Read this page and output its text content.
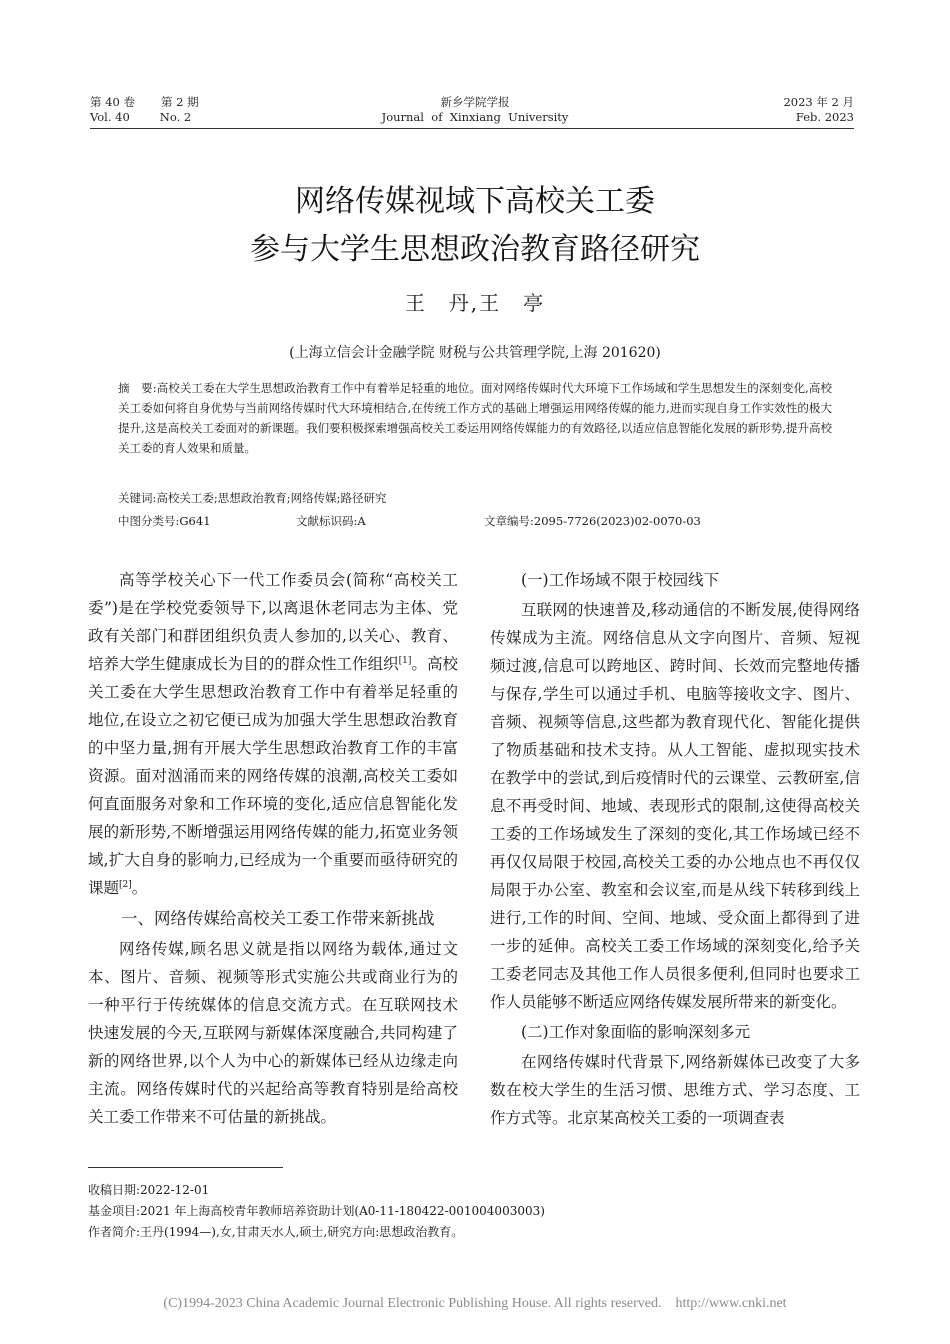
第 40 卷 第 2 期
Vol. 40	No. 2
新乡学院学报
Journal  of  Xinxiang  University
2023 年 2 月
Feb. 2023
网络传媒视域下高校关工委
参与大学生思想政治教育路径研究
王　丹,王　亭
(上海立信会计金融学院 财税与公共管理学院,上海 201620)
摘　要:高校关工委在大学生思想政治教育工作中有着举足轻重的地位。面对网络传媒时代大环境下工作场域和学生思想发生的深刻变化,高校关工委如何将自身优势与当前网络传媒时代大环境相结合,在传统工作方式的基础上增强运用网络传媒的能力,进而实现自身工作实效性的极大提升,这是高校关工委面对的新课题。我们要积极探索增强高校关工委运用网络传媒能力的有效路径,以适应信息智能化发展的新形势,提升高校关工委的育人效果和质量。
关键词:高校关工委;思想政治教育;网络传媒;路径研究
中图分类号:G641	文献标识码:A	文章编号:2095-7726(2023)02-0070-03

高等学校关心下一代工作委员会(简称“高校关工委”)是在学校党委领导下,以离退休老同志为主体、党政有关部门和群团组织负责人参加的,以关心、教育、培养大学生健康成长为目的的群众性工作组织[1]。高校关工委在大学生思想政治教育工作中有着举足轻重的地位,在设立之初它便已成为加强大学生思想政治教育的中坚力量,拥有开展大学生思想政治教育工作的丰富资源。面对汹涌而来的网络传媒的浪潮,高校关工委如何直面服务对象和工作环境的变化,适应信息智能化发展的新形势,不断增强运用网络传媒的能力,拓宽业务领域,扩大自身的影响力,已经成为一个重要而亟待研究的课题[2]。

一、网络传媒给高校关工委工作带来新挑战

网络传媒,顾名思义就是指以网络为载体,通过文本、图片、音频、视频等形式实施公共或商业行为的一种平行于传统媒体的信息交流方式。在互联网技术快速发展的今天,互联网与新媒体深度融合,共同构建了新的网络世界,以个人为中心的新媒体已经从边缘走向主流。网络传媒时代的兴起给高等教育特别是给高校关工委工作带来不可估量的新挑战。

(一)工作场域不限于校园线下

互联网的快速普及,移动通信的不断发展,使得网络传媒成为主流。网络信息从文字向图片、音频、短视频过渡,信息可以跨地区、跨时间、长效而完整地传播与保存,学生可以通过手机、电脑等接收文字、图片、音频、视频等信息,这些都为教育现代化、智能化提供了物质基础和技术支持。从人工智能、虚拟现实技术在教学中的尝试,到后疫情时代的云课堂、云教研室,信息不再受时间、地域、表现形式的限制,这使得高校关工委的工作场域发生了深刻的变化,其工作场域已经不再仅仅局限于校园,高校关工委的办公地点也不再仅仅局限于办公室、教室和会议室,而是从线下转移到线上进行,工作的时间、空间、地域、受众面上都得到了进一步的延伸。高校关工委工作场域的深刻变化,给予关工委老同志及其他工作人员很多便利,但同时也要求工作人员能够不断适应网络传媒发展所带来的新变化。

(二)工作对象面临的影响深刻多元

在网络传媒时代背景下,网络新媒体已改变了大多数在校大学生的生活习惯、思维方式、学习态度、工作方式等。北京某高校关工委的一项调查表

收稿日期:2022-12-01
基金项目:2021 年上海高校青年教师培养资助计划(A0-11-180422-001004003003)
作者简介:王丹(1994—),女,甘肃天水人,硕士,研究方向:思想政治教育。
(C)1994-2023 China Academic Journal Electronic Publishing House. All rights reserved.    http://www.cnki.net
